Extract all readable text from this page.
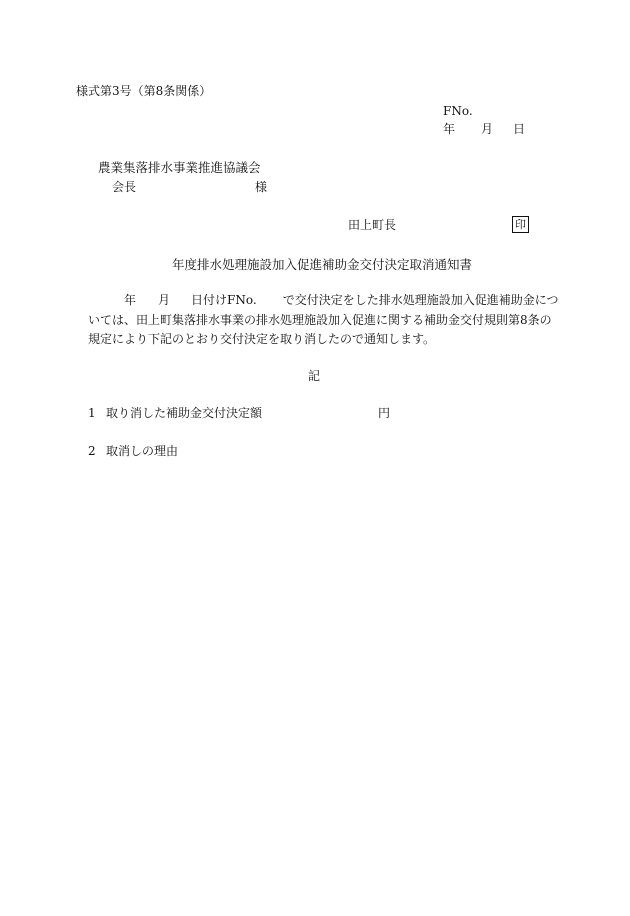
様式第3号（第8条関係）
FNo.
年 月 日
農業集落排水事業推進協議会
会長	様
田上町長	印
年度排水処理施設加入促進補助金交付決定取消通知書
年 月 日付けFNo. で交付決定をした排水処理施設加入促進補助金につ
いては、田上町集落排水事業の排水処理施設加入促進に関する補助金交付規則第8条の
規定により下記のとおり交付決定を取り消したので通知します。
記
1 取り消した補助金交付決定額	円
2 取消しの理由
